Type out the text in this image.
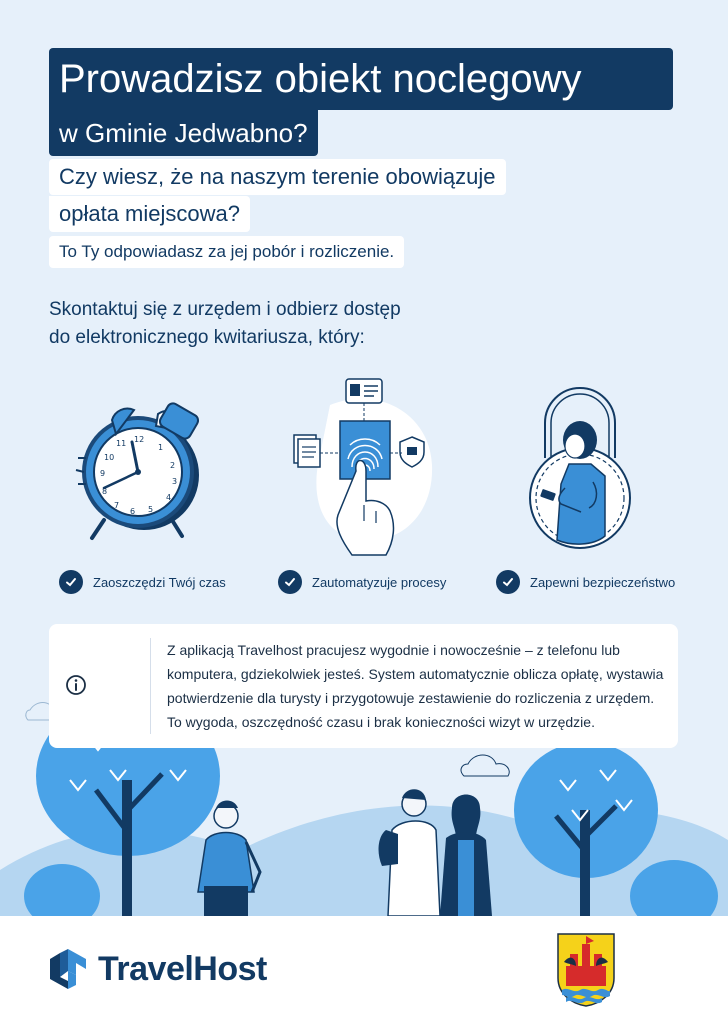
Prowadzisz obiekt noclegowy
w Gminie Jedwabno?
Czy wiesz, że na naszym terenie obowiązuje
opłata miejscowa?
To Ty odpowiadasz za jej pobór i rozliczenie.
Skontaktuj się z urzędem i odbierz dostęp
do elektronicznego kwitariusza, który:
12
1
2
3
4
5
6
7
8
9
10
11
Zaoszczędzi Twój czas	Zautomatyzuje procesy	Zapewni bezpieczeństwo
Z aplikacją Travelhost pracujesz wygodnie i nowocześnie – z telefonu lub
komputera, gdziekolwiek jesteś. System automatycznie oblicza opłatę, wystawia
potwierdzenie dla turysty i przygotowuje zestawienie do rozliczenia z urzędem.
To wygoda, oszczędność czasu i brak konieczności wizyt w urzędzie.
TravelHost
